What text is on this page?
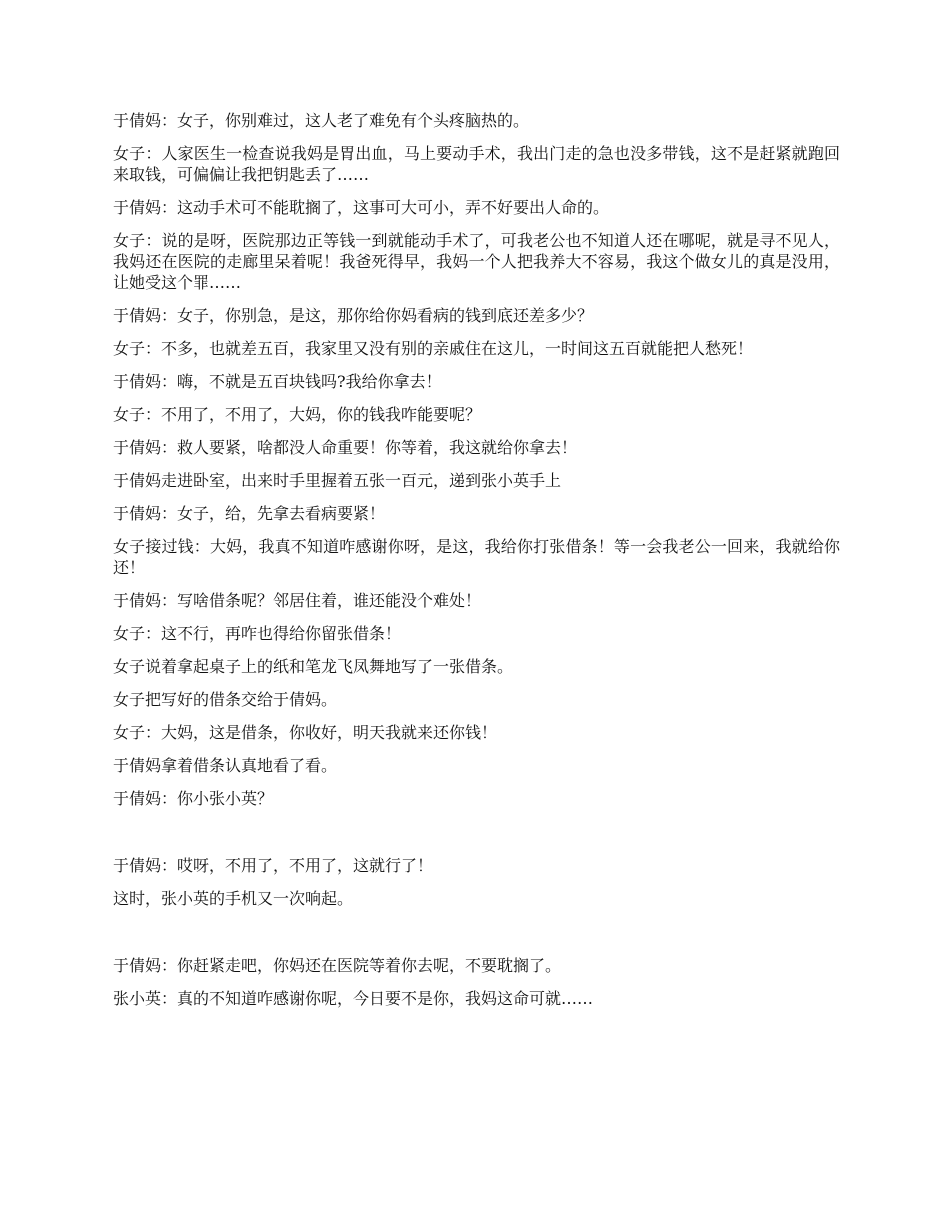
于倩妈：女子，你别难过，这人老了难免有个头疼脑热的。

女子：人家医生一检查说我妈是胃出血，马上要动手术，我出门走的急也没多带钱，这不是赶紧就跑回来取钱，可偏偏让我把钥匙丢了……

于倩妈：这动手术可不能耽搁了，这事可大可小，弄不好要出人命的。

女子：说的是呀，医院那边正等钱一到就能动手术了，可我老公也不知道人还在哪呢，就是寻不见人，我妈还在医院的走廊里呆着呢！我爸死得早，我妈一个人把我养大不容易，我这个做女儿的真是没用，让她受这个罪……

于倩妈：女子，你别急，是这，那你给你妈看病的钱到底还差多少？

女子：不多，也就差五百，我家里又没有别的亲戚住在这儿，一时间这五百就能把人愁死！

于倩妈：嗨，不就是五百块钱吗?我给你拿去！

女子：不用了，不用了，大妈，你的钱我咋能要呢？

于倩妈：救人要紧，啥都没人命重要！你等着，我这就给你拿去！

于倩妈走进卧室，出来时手里握着五张一百元，递到张小英手上

于倩妈：女子，给，先拿去看病要紧！

女子接过钱：大妈，我真不知道咋感谢你呀，是这，我给你打张借条！等一会我老公一回来，我就给你还！

于倩妈：写啥借条呢？邻居住着，谁还能没个难处！

女子：这不行，再咋也得给你留张借条！

女子说着拿起桌子上的纸和笔龙飞凤舞地写了一张借条。

女子把写好的借条交给于倩妈。

女子：大妈，这是借条，你收好，明天我就来还你钱！

于倩妈拿着借条认真地看了看。

于倩妈：你小张小英？

于倩妈：哎呀，不用了，不用了，这就行了！

这时，张小英的手机又一次响起。

于倩妈：你赶紧走吧，你妈还在医院等着你去呢，不要耽搁了。

张小英：真的不知道咋感谢你呢，今日要不是你，我妈这命可就……
